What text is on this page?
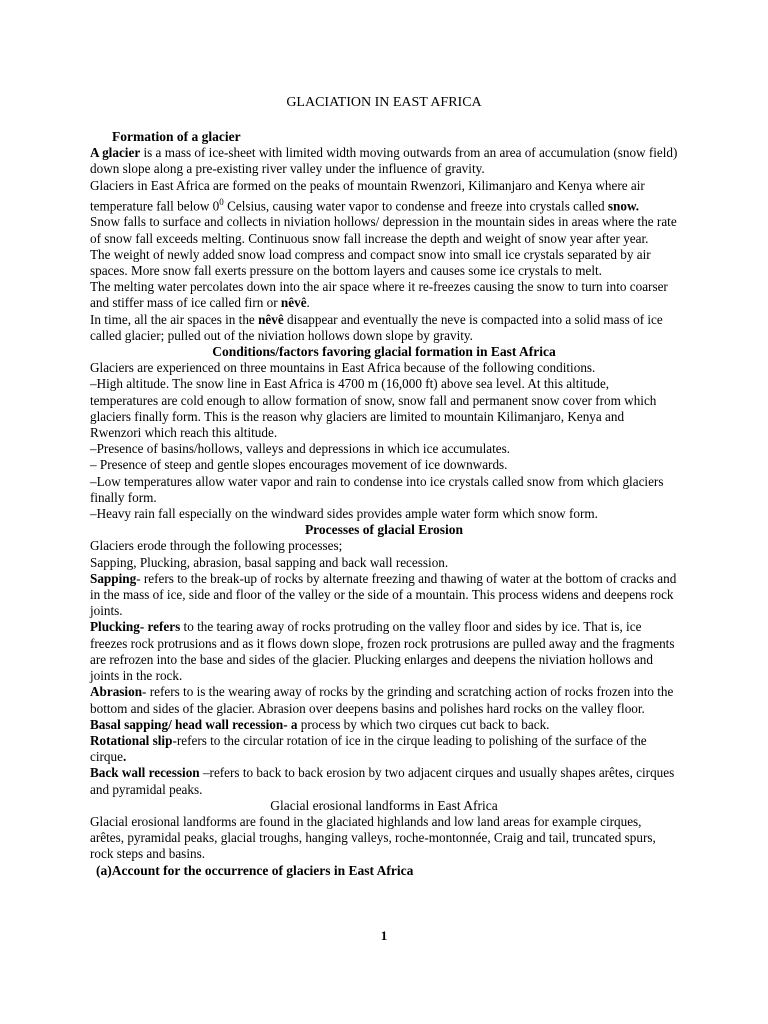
GLACIATION IN EAST AFRICA
Formation of a glacier

A glacier is a mass of ice-sheet with limited width moving outwards from an area of accumulation (snow field) down slope along a pre-existing river valley under the influence of gravity.

Glaciers in East Africa are formed on the peaks of mountain Rwenzori, Kilimanjaro and Kenya where air temperature fall below $0^0$ Celsius, causing water vapor to condense and freeze into crystals called snow.

Snow falls to surface and collects in niviation hollows/ depression in the mountain sides in areas where the rate of snow fall exceeds melting. Continuous snow fall increase the depth and weight of snow year after year.

The weight of newly added snow load compress and compact snow into small ice crystals separated by air spaces. More snow fall exerts pressure on the bottom layers and causes some ice crystals to melt.

The melting water percolates down into the air space where it re-freezes causing the snow to turn into coarser and stiffer mass of ice called firn or nêvê.

In time, all the air spaces in the nêvê disappear and eventually the neve is compacted into a solid mass of ice called glacier; pulled out of the niviation hollows down slope by gravity.

Conditions/factors favoring glacial formation in East Africa

Glaciers are experienced on three mountains in East Africa because of the following conditions.

–High altitude. The snow line in East Africa is 4700 m (16,000 ft) above sea level. At this altitude, temperatures are cold enough to allow formation of snow, snow fall and permanent snow cover from which glaciers finally form. This is the reason why glaciers are limited to mountain Kilimanjaro, Kenya and Rwenzori which reach this altitude.

–Presence of basins/hollows, valleys and depressions in which ice accumulates.

– Presence of steep and gentle slopes encourages movement of ice downwards.

–Low temperatures allow water vapor and rain to condense into ice crystals called snow from which glaciers finally form.

–Heavy rain fall especially on the windward sides provides ample water form which snow form.

Processes of glacial Erosion

Glaciers erode through the following processes;

Sapping, Plucking, abrasion, basal sapping and back wall recession.

Sapping- refers to the break-up of rocks by alternate freezing and thawing of water at the bottom of cracks and in the mass of ice, side and floor of the valley or the side of a mountain. This process widens and deepens rock joints.

Plucking- refers to the tearing away of rocks protruding on the valley floor and sides by ice. That is, ice freezes rock protrusions and as it flows down slope, frozen rock protrusions are pulled away and the fragments are refrozen into the base and sides of the glacier. Plucking enlarges and deepens the niviation hollows and joints in the rock.

Abrasion- refers to is the wearing away of rocks by the grinding and scratching action of rocks frozen into the bottom and sides of the glacier. Abrasion over deepens basins and polishes hard rocks on the valley floor.

Basal sapping/ head wall recession- a process by which two cirques cut back to back.

Rotational slip-refers to the circular rotation of ice in the cirque leading to polishing of the surface of the cirque.

Back wall recession –refers to back to back erosion by two adjacent cirques and usually shapes arêtes, cirques and pyramidal peaks.

Glacial erosional landforms in East Africa

Glacial erosional landforms are found in the glaciated highlands and low land areas for example cirques, arêtes, pyramidal peaks, glacial troughs, hanging valleys, roche-montonnée, Craig and tail, truncated spurs, rock steps and basins.

(a)Account for the occurrence of glaciers in East Africa
1
